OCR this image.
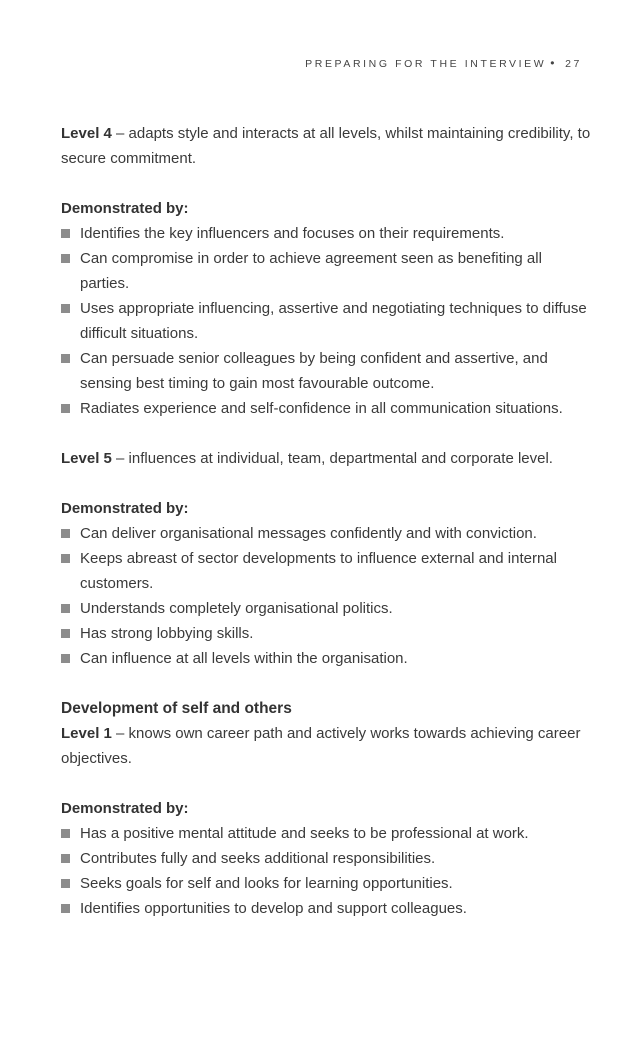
PREPARING FOR THE INTERVIEW • 27

Level 4 – adapts style and interacts at all levels, whilst maintaining credibility, to secure commitment.

Demonstrated by:
Identifies the key influencers and focuses on their requirements.
Can compromise in order to achieve agreement seen as benefiting all parties.
Uses appropriate influencing, assertive and negotiating techniques to diffuse difficult situations.
Can persuade senior colleagues by being confident and assertive, and sensing best timing to gain most favourable outcome.
Radiates experience and self-confidence in all communication situations.

Level 5 – influences at individual, team, departmental and corporate level.

Demonstrated by:
Can deliver organisational messages confidently and with conviction.
Keeps abreast of sector developments to influence external and internal customers.
Understands completely organisational politics.
Has strong lobbying skills.
Can influence at all levels within the organisation.
Development of self and others

Level 1 – knows own career path and actively works towards achieving career objectives.

Demonstrated by:
Has a positive mental attitude and seeks to be professional at work.
Contributes fully and seeks additional responsibilities.
Seeks goals for self and looks for learning opportunities.
Identifies opportunities to develop and support colleagues.
